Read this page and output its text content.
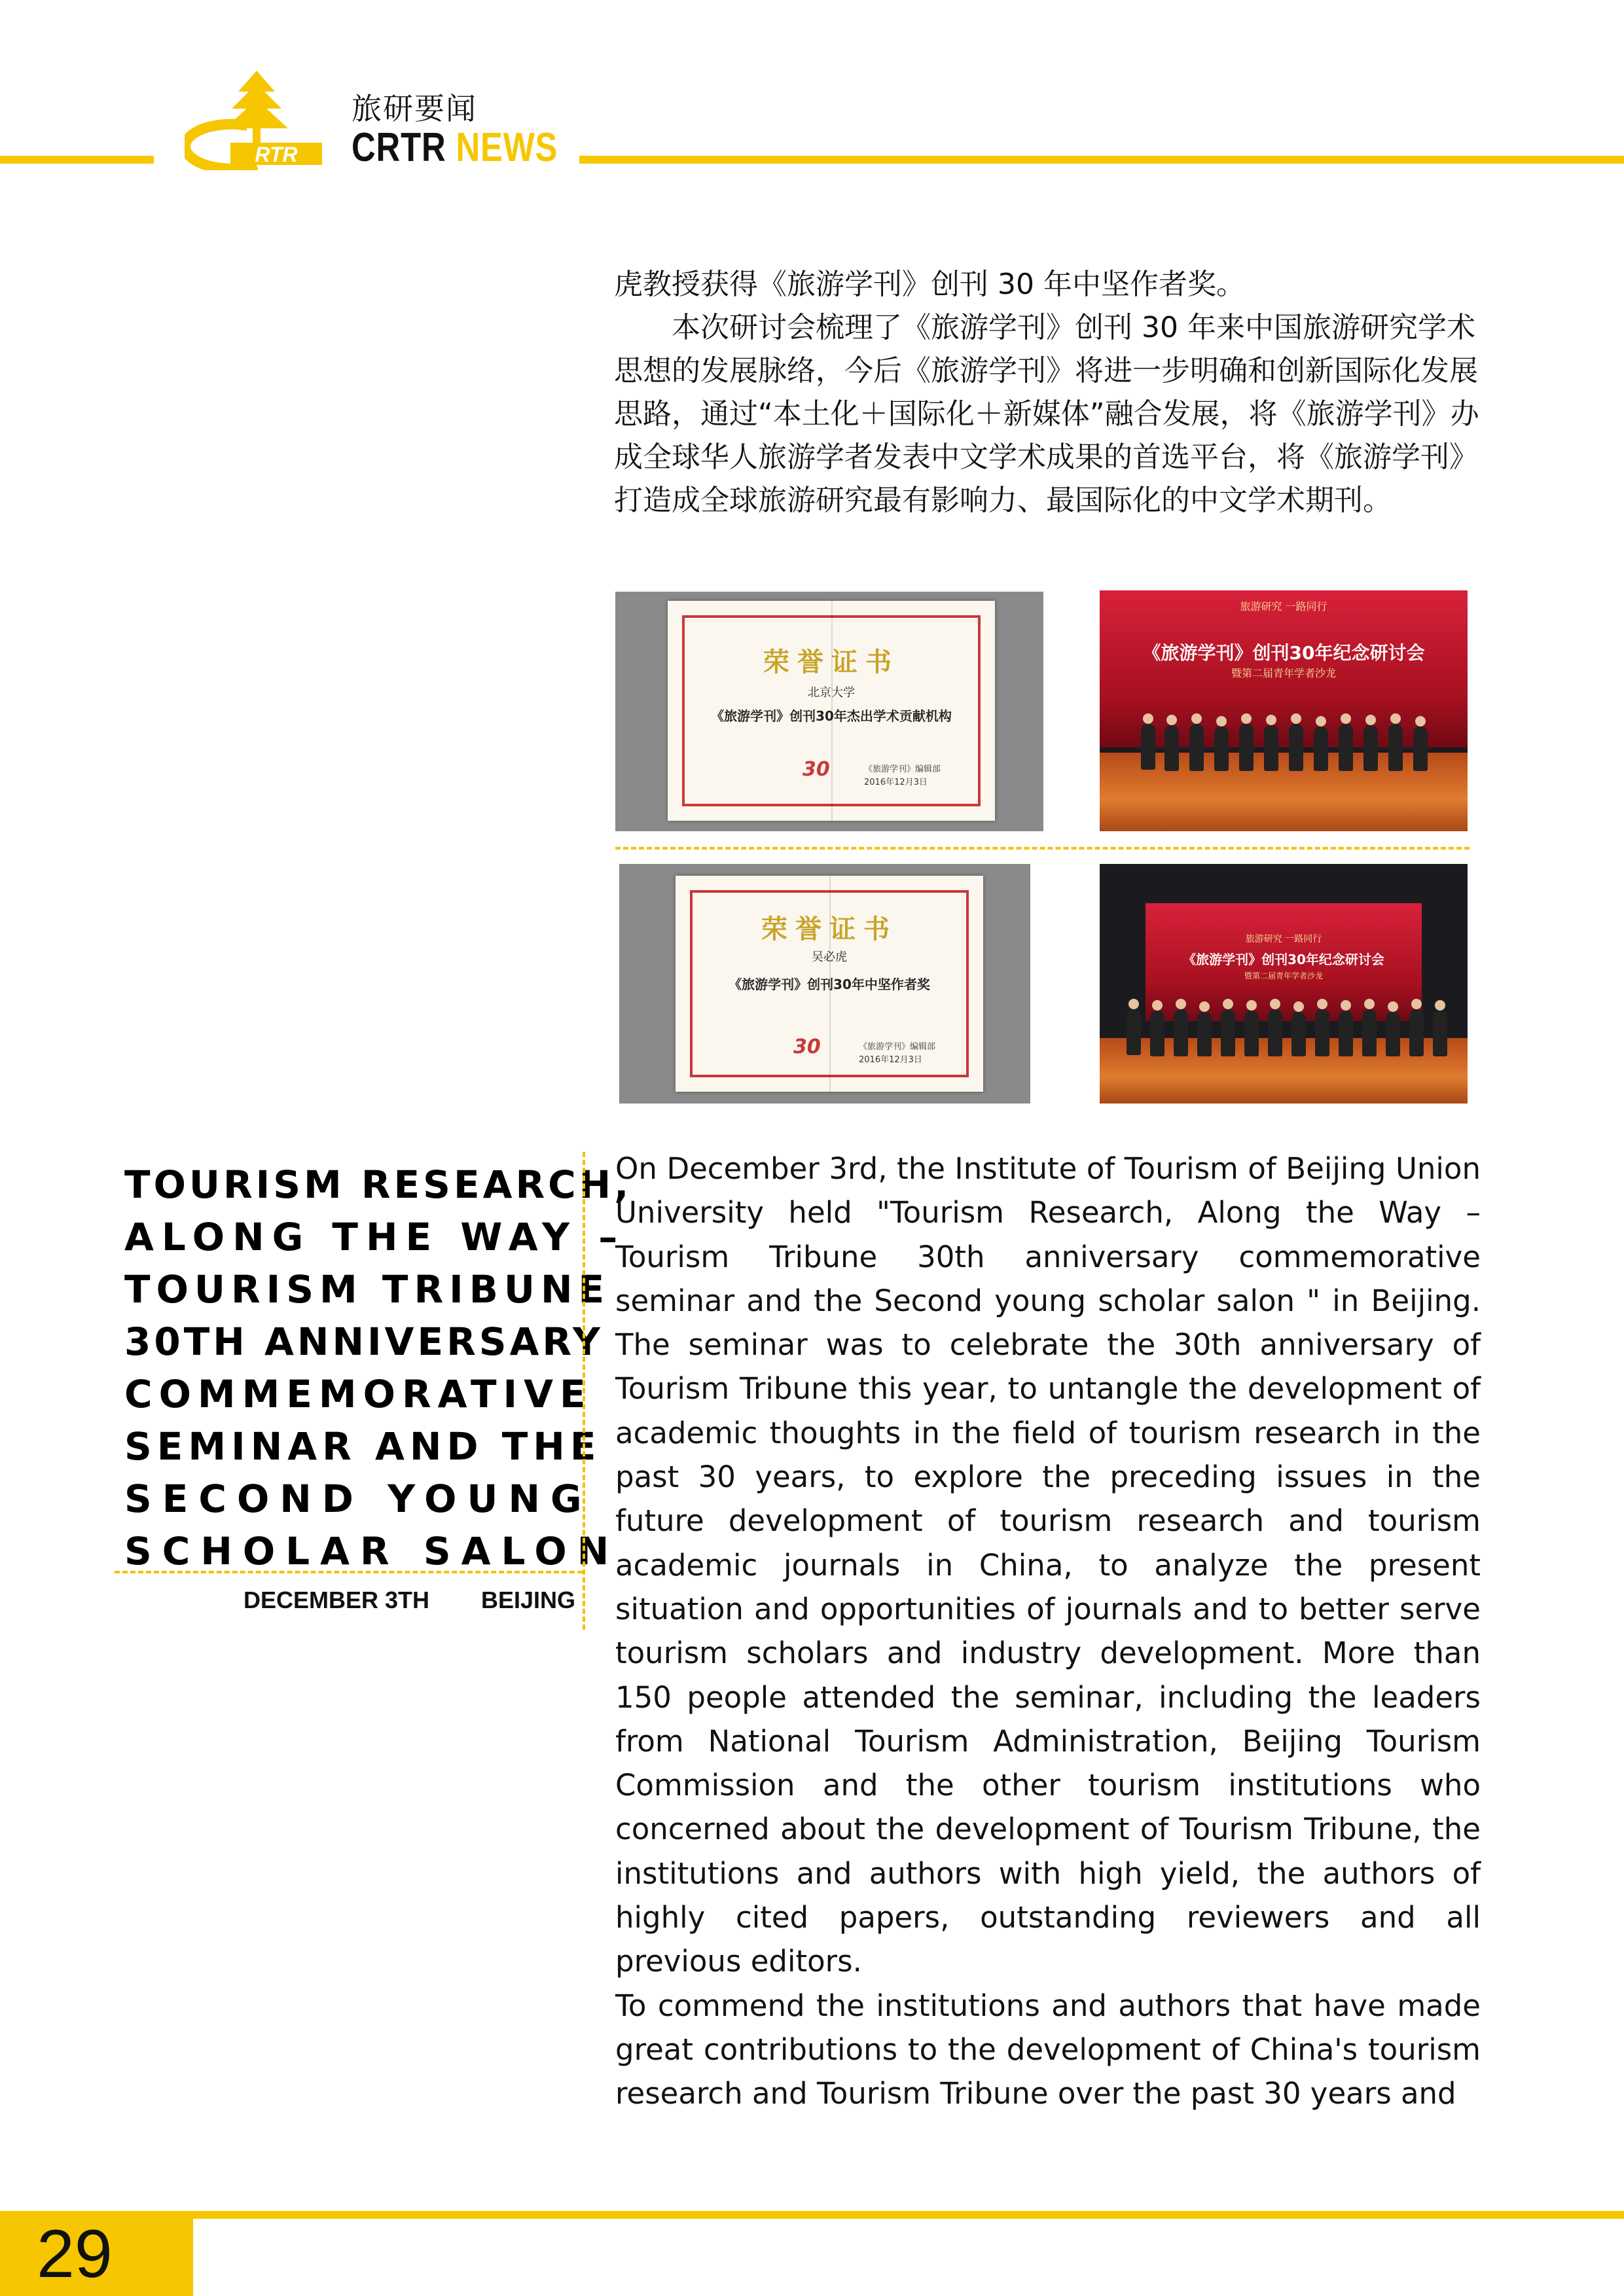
RTR
旅研要闻
CRTR NEWS

虎教授获得《旅游学刊》创刊 30 年中坚作者奖。

本次研讨会梳理了《旅游学刊》创刊 30 年来中国旅游研究学术思想的发展脉络，今后《旅游学刊》将进一步明确和创新国际化发展思路，通过“本土化＋国际化＋新媒体”融合发展，将《旅游学刊》办成全球华人旅游学者发表中文学术成果的首选平台，将《旅游学刊》打造成全球旅游研究最有影响力、最国际化的中文学术期刊。

荣誉证书
北京大学
《旅游学刊》创刊30年杰出学术贡献机构
30	《旅游学刊》编辑部
2016年12月3日
旅游研究 一路同行
《旅游学刊》创刊30年纪念研讨会
暨第二届青年学者沙龙
荣誉证书
吴必虎
《旅游学刊》创刊30年中坚作者奖
30	《旅游学刊》编辑部
2016年12月3日
旅游研究 一路同行
《旅游学刊》创刊30年纪念研讨会
暨第二届青年学者沙龙
TOURISM RESEARCH,
ALONG THE WAY –
TOURISM TRIBUNE
30TH ANNIVERSARY
COMMEMORATIVE
SEMINAR AND THE
SECOND YOUNG
SCHOLAR SALON
DECEMBER 3TH BEIJING

On December 3rd, the Institute of Tourism of Beijing Union University held "Tourism Research, Along the Way – Tourism Tribune 30th anniversary commemorative seminar and the Second young scholar salon " in Beijing. The seminar was to celebrate the 30th anniversary of Tourism Tribune this year, to untangle the development of academic thoughts in the field of tourism research in the past 30 years, to explore the preceding issues in the future development of tourism research and tourism academic journals in China, to analyze the present situation and opportunities of journals and to better serve tourism scholars and industry development. More than 150 people attended the seminar, including the leaders from National Tourism Administration, Beijing Tourism Commission and the other tourism institutions who concerned about the development of Tourism Tribune, the institutions and authors with high yield, the authors of highly cited papers, outstanding reviewers and all previous editors.

To commend the institutions and authors that have made great contributions to the development of China's tourism research and Tourism Tribune over the past 30 years and

29
